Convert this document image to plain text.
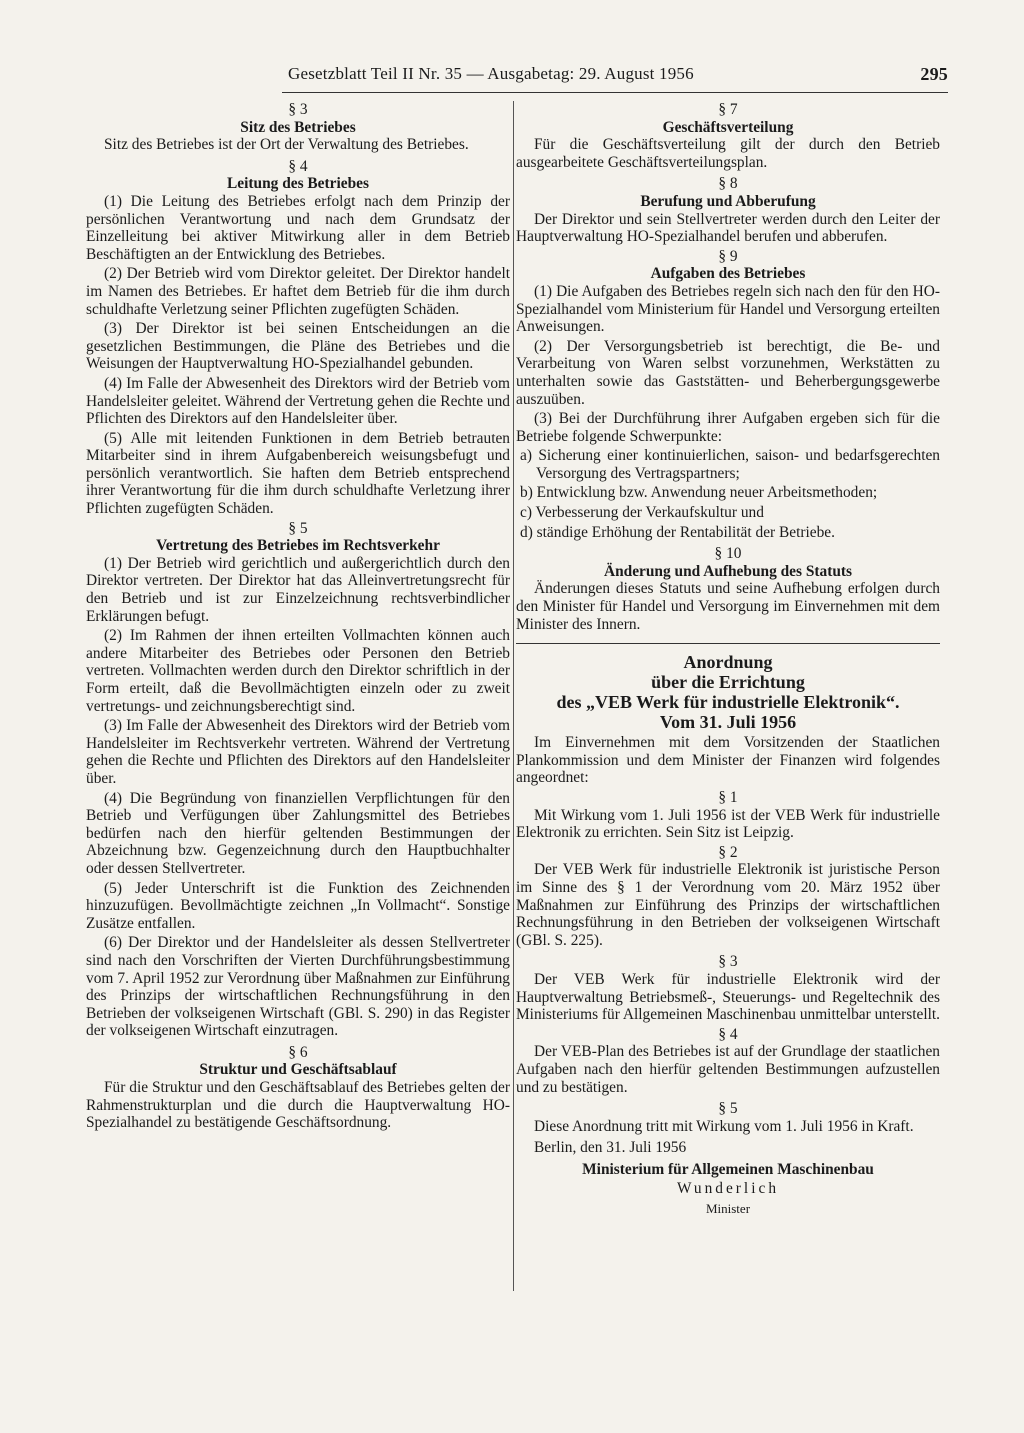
Gesetzblatt Teil II Nr. 35 — Ausgabetag: 29. August 1956	295

§ 3

Sitz des Betriebes

Sitz des Betriebes ist der Ort der Verwaltung des Betriebes.

§ 4

Leitung des Betriebes

(1) Die Leitung des Betriebes erfolgt nach dem Prinzip der persönlichen Verantwortung und nach dem Grundsatz der Einzelleitung bei aktiver Mitwirkung aller in dem Betrieb Beschäftigten an der Entwicklung des Betriebes.

(2) Der Betrieb wird vom Direktor geleitet. Der Direktor handelt im Namen des Betriebes. Er haftet dem Betrieb für die ihm durch schuldhafte Verletzung seiner Pflichten zugefügten Schäden.

(3) Der Direktor ist bei seinen Entscheidungen an die gesetzlichen Bestimmungen, die Pläne des Betriebes und die Weisungen der Hauptverwaltung HO-Spezialhandel gebunden.

(4) Im Falle der Abwesenheit des Direktors wird der Betrieb vom Handelsleiter geleitet. Während der Vertretung gehen die Rechte und Pflichten des Direktors auf den Handelsleiter über.

(5) Alle mit leitenden Funktionen in dem Betrieb betrauten Mitarbeiter sind in ihrem Aufgabenbereich weisungsbefugt und persönlich verantwortlich. Sie haften dem Betrieb entsprechend ihrer Verantwortung für die ihm durch schuldhafte Verletzung ihrer Pflichten zugefügten Schäden.

§ 5

Vertretung des Betriebes im Rechtsverkehr

(1) Der Betrieb wird gerichtlich und außergerichtlich durch den Direktor vertreten. Der Direktor hat das Alleinvertretungsrecht für den Betrieb und ist zur Einzelzeichnung rechtsverbindlicher Erklärungen befugt.

(2) Im Rahmen der ihnen erteilten Vollmachten können auch andere Mitarbeiter des Betriebes oder Personen den Betrieb vertreten. Vollmachten werden durch den Direktor schriftlich in der Form erteilt, daß die Bevollmächtigten einzeln oder zu zweit vertretungs- und zeichnungsberechtigt sind.

(3) Im Falle der Abwesenheit des Direktors wird der Betrieb vom Handelsleiter im Rechtsverkehr vertreten. Während der Vertretung gehen die Rechte und Pflichten des Direktors auf den Handelsleiter über.

(4) Die Begründung von finanziellen Verpflichtungen für den Betrieb und Verfügungen über Zahlungsmittel des Betriebes bedürfen nach den hierfür geltenden Bestimmungen der Abzeichnung bzw. Gegenzeichnung durch den Hauptbuchhalter oder dessen Stellvertreter.

(5) Jeder Unterschrift ist die Funktion des Zeichnenden hinzuzufügen. Bevollmächtigte zeichnen „In Vollmacht“. Sonstige Zusätze entfallen.

(6) Der Direktor und der Handelsleiter als dessen Stellvertreter sind nach den Vorschriften der Vierten Durchführungsbestimmung vom 7. April 1952 zur Verordnung über Maßnahmen zur Einführung des Prinzips der wirtschaftlichen Rechnungsführung in den Betrieben der volkseigenen Wirtschaft (GBl. S. 290) in das Register der volkseigenen Wirtschaft einzutragen.

§ 6

Struktur und Geschäftsablauf

Für die Struktur und den Geschäftsablauf des Betriebes gelten der Rahmenstrukturplan und die durch die Hauptverwaltung HO-Spezialhandel zu bestätigende Geschäftsordnung.

§ 7

Geschäftsverteilung

Für die Geschäftsverteilung gilt der durch den Betrieb ausgearbeitete Geschäftsverteilungsplan.

§ 8

Berufung und Abberufung

Der Direktor und sein Stellvertreter werden durch den Leiter der Hauptverwaltung HO-Spezialhandel berufen und abberufen.

§ 9

Aufgaben des Betriebes

(1) Die Aufgaben des Betriebes regeln sich nach den für den HO-Spezialhandel vom Ministerium für Handel und Versorgung erteilten Anweisungen.

(2) Der Versorgungsbetrieb ist berechtigt, die Be- und Verarbeitung von Waren selbst vorzunehmen, Werkstätten zu unterhalten sowie das Gaststätten- und Beherbergungsgewerbe auszuüben.

(3) Bei der Durchführung ihrer Aufgaben ergeben sich für die Betriebe folgende Schwerpunkte:

a) Sicherung einer kontinuierlichen, saison- und bedarfsgerechten Versorgung des Vertragspartners;

b) Entwicklung bzw. Anwendung neuer Arbeitsmethoden;

c) Verbesserung der Verkaufskultur und

d) ständige Erhöhung der Rentabilität der Betriebe.

§ 10

Änderung und Aufhebung des Statuts

Änderungen dieses Statuts und seine Aufhebung erfolgen durch den Minister für Handel und Versorgung im Einvernehmen mit dem Minister des Innern.

Anordnung

über die Errichtung

des „VEB Werk für industrielle Elektronik“.

Vom 31. Juli 1956

Im Einvernehmen mit dem Vorsitzenden der Staatlichen Plankommission und dem Minister der Finanzen wird folgendes angeordnet:

§ 1

Mit Wirkung vom 1. Juli 1956 ist der VEB Werk für industrielle Elektronik zu errichten. Sein Sitz ist Leipzig.

§ 2

Der VEB Werk für industrielle Elektronik ist juristische Person im Sinne des § 1 der Verordnung vom 20. März 1952 über Maßnahmen zur Einführung des Prinzips der wirtschaftlichen Rechnungsführung in den Betrieben der volkseigenen Wirtschaft (GBl. S. 225).

§ 3

Der VEB Werk für industrielle Elektronik wird der Hauptverwaltung Betriebsmeß-, Steuerungs- und Regeltechnik des Ministeriums für Allgemeinen Maschinenbau unmittelbar unterstellt.

§ 4

Der VEB-Plan des Betriebes ist auf der Grundlage der staatlichen Aufgaben nach den hierfür geltenden Bestimmungen aufzustellen und zu bestätigen.

§ 5

Diese Anordnung tritt mit Wirkung vom 1. Juli 1956 in Kraft.

Berlin, den 31. Juli 1956

Ministerium für Allgemeinen Maschinenbau

Wunderlich

Minister
